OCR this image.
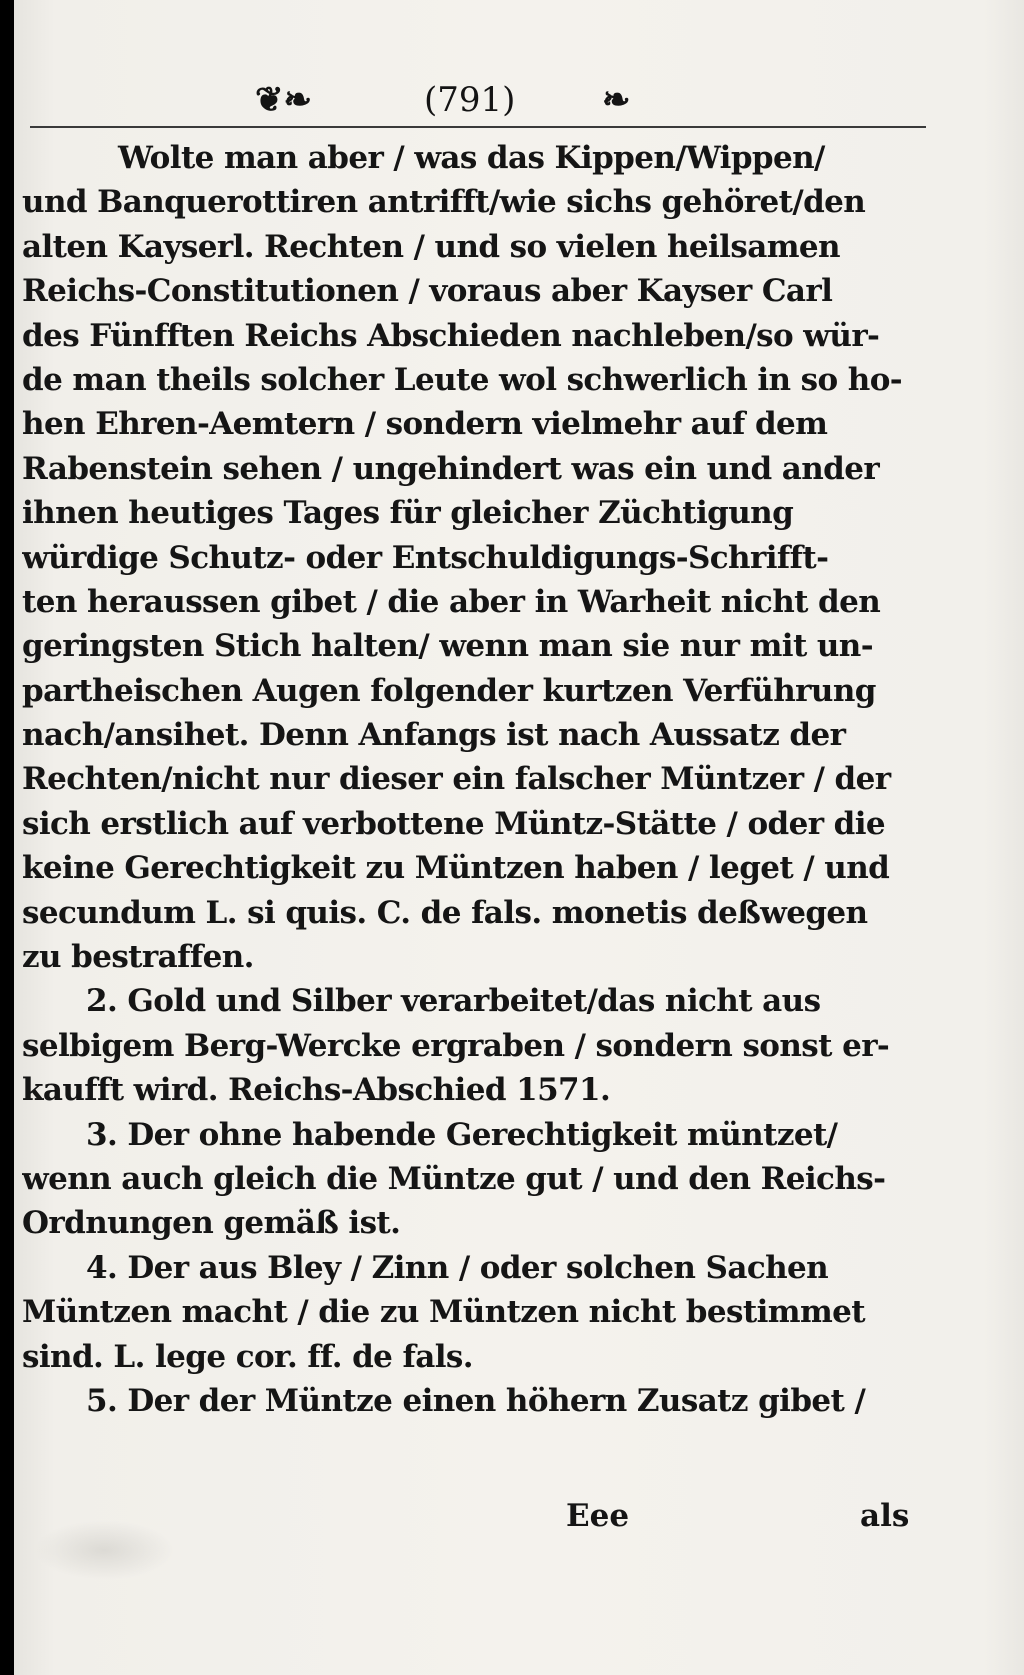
❦❧	(791)	❧
Wolte man aber / was das Kippen/Wippen/
und Banquerottiren antrifft/wie sichs gehöret/den
alten Kayserl. Rechten / und so vielen heilsamen
Reichs-Constitutionen / voraus aber Kayser Carl
des Fünfften Reichs Abschieden nachleben/so wür-
de man theils solcher Leute wol schwerlich in so ho-
hen Ehren-Aemtern / sondern vielmehr auf dem
Rabenstein sehen / ungehindert was ein und ander
ihnen heutiges Tages für gleicher Züchtigung
würdige Schutz- oder Entschuldigungs-Schrifft-
ten heraussen gibet / die aber in Warheit nicht den
geringsten Stich halten/ wenn man sie nur mit un-
partheischen Augen folgender kurtzen Verführung
nach/ansihet. Denn Anfangs ist nach Aussatz der
Rechten/nicht nur dieser ein falscher Müntzer / der
sich erstlich auf verbottene Müntz-Stätte / oder die
keine Gerechtigkeit zu Müntzen haben / leget / und
secundum L. si quis. C. de fals. monetis deßwegen
zu bestraffen.
2. Gold und Silber verarbeitet/das nicht aus
selbigem Berg-Wercke ergraben / sondern sonst er-
kaufft wird. Reichs-Abschied 1571.
3. Der ohne habende Gerechtigkeit müntzet/
wenn auch gleich die Müntze gut / und den Reichs-
Ordnungen gemäß ist.
4. Der aus Bley / Zinn / oder solchen Sachen
Müntzen macht / die zu Müntzen nicht bestimmet
sind. L. lege cor. ff. de fals.
5. Der der Müntze einen höhern Zusatz gibet /
Eee	als
